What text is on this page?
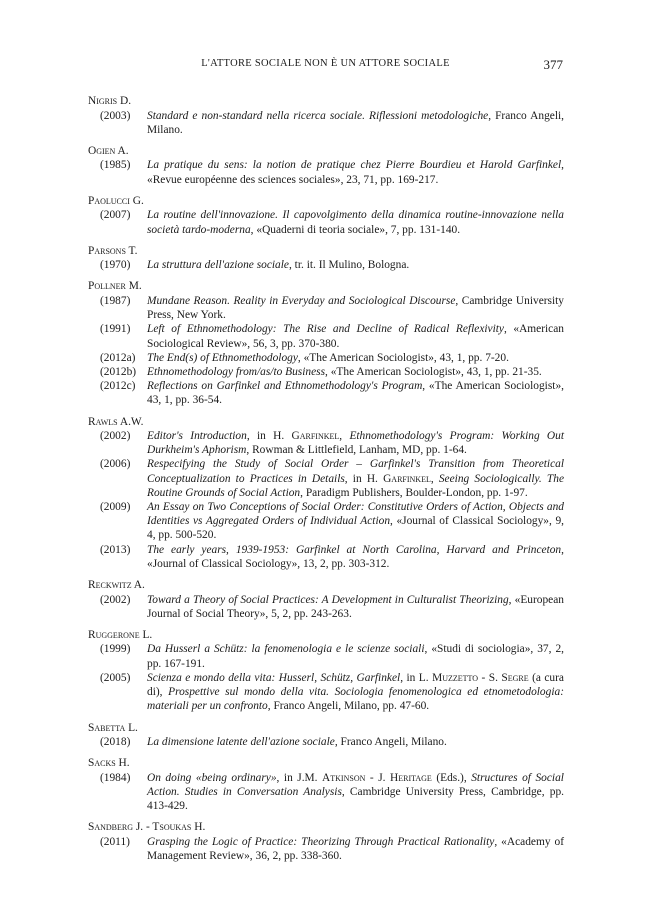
L'ATTORE SOCIALE NON È UN ATTORE SOCIALE	377
Nigris D.
(2003)	Standard e non-standard nella ricerca sociale. Riflessioni metodologiche, Franco Angeli, Milano.
Ogien A.
(1985)	La pratique du sens: la notion de pratique chez Pierre Bourdieu et Harold Garfinkel, «Revue européenne des sciences sociales», 23, 71, pp. 169-217.
Paolucci G.
(2007)	La routine dell'innovazione. Il capovolgimento della dinamica routine-innovazione nella società tardo-moderna, «Quaderni di teoria sociale», 7, pp. 131-140.
Parsons T.
(1970)	La struttura dell'azione sociale, tr. it. Il Mulino, Bologna.
Pollner M.
(1987)	Mundane Reason. Reality in Everyday and Sociological Discourse, Cambridge University Press, New York.
(1991)	Left of Ethnomethodology: The Rise and Decline of Radical Reflexivity, «American Sociological Review», 56, 3, pp. 370-380.
(2012a)	The End(s) of Ethnomethodology, «The American Sociologist», 43, 1, pp. 7-20.
(2012b) Ethnomethodology from/as/to Business, «The American Sociologist», 43, 1, pp. 21-35.
(2012c)	Reflections on Garfinkel and Ethnomethodology's Program, «The American Sociologist», 43, 1, pp. 36-54.
Rawls A.W.
(2002)	Editor's Introduction, in H. Garfinkel, Ethnomethodology's Program: Working Out Durkheim's Aphorism, Rowman & Littlefield, Lanham, MD, pp. 1-64.
(2006)	Respecifying the Study of Social Order – Garfinkel's Transition from Theoretical Conceptualization to Practices in Details, in H. Garfinkel, Seeing Sociologically. The Routine Grounds of Social Action, Paradigm Publishers, Boulder-London, pp. 1-97.
(2009)	An Essay on Two Conceptions of Social Order: Constitutive Orders of Action, Objects and Identities vs Aggregated Orders of Individual Action, «Journal of Classical Sociology», 9, 4, pp. 500-520.
(2013)	The early years, 1939-1953: Garfinkel at North Carolina, Harvard and Princeton, «Journal of Classical Sociology», 13, 2, pp. 303-312.
Reckwitz A.
(2002)	Toward a Theory of Social Practices: A Development in Culturalist Theorizing, «European Journal of Social Theory», 5, 2, pp. 243-263.
Ruggerone L.
(1999)	Da Husserl a Schütz: la fenomenologia e le scienze sociali, «Studi di sociologia», 37, 2, pp. 167-191.
(2005)	Scienza e mondo della vita: Husserl, Schütz, Garfinkel, in L. Muzzetto - S. Segre (a cura di), Prospettive sul mondo della vita. Sociologia fenomenologica ed etnometodologia: materiali per un confronto, Franco Angeli, Milano, pp. 47-60.
Sabetta L.
(2018)	La dimensione latente dell'azione sociale, Franco Angeli, Milano.
Sacks H.
(1984)	On doing «being ordinary», in J.M. Atkinson - J. Heritage (Eds.), Structures of Social Action. Studies in Conversation Analysis, Cambridge University Press, Cambridge, pp. 413-429.
Sandberg J. - Tsoukas H.
(2011)	Grasping the Logic of Practice: Theorizing Through Practical Rationality, «Academy of Management Review», 36, 2, pp. 338-360.
